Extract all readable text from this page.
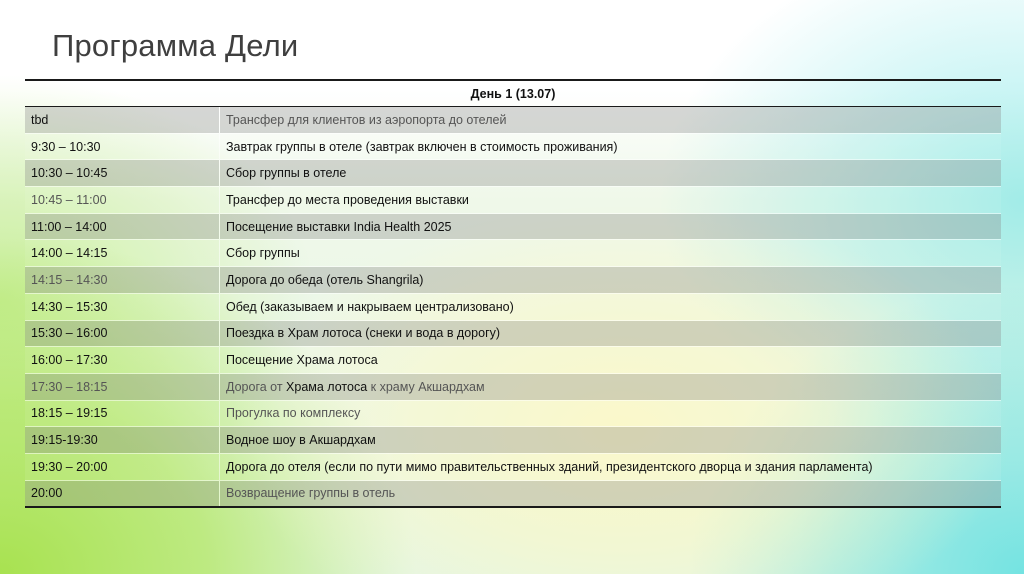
Программа Дели
День 1 (13.07)	
tbd	Трансфер для клиентов из аэропорта до отелей
9:30 – 10:30	Завтрак группы в отеле (завтрак включен в стоимость проживания)
10:30 – 10:45	Сбор группы в отеле
10:45 – 11:00	Трансфер до места проведения выставки
11:00 – 14:00	Посещение выставки India Health 2025
14:00 – 14:15	Сбор группы
14:15 – 14:30	Дорога до обеда (отель Shangrila)
14:30 – 15:30	Обед (заказываем и накрываем централизовано)
15:30 – 16:00	Поездка в Храм лотоса (снеки и вода в дорогу)
16:00 – 17:30	Посещение Храма лотоса
17:30 – 18:15	Дорога от Храма лотоса к храму Акшардхам
18:15 – 19:15	Прогулка по комплексу
19:15-19:30	Водное шоу в Акшардхам
19:30 – 20:00	Дорога до отеля (если по пути мимо правительственных зданий, президентского дворца и здания парламента)
20:00	Возвращение группы в отель
